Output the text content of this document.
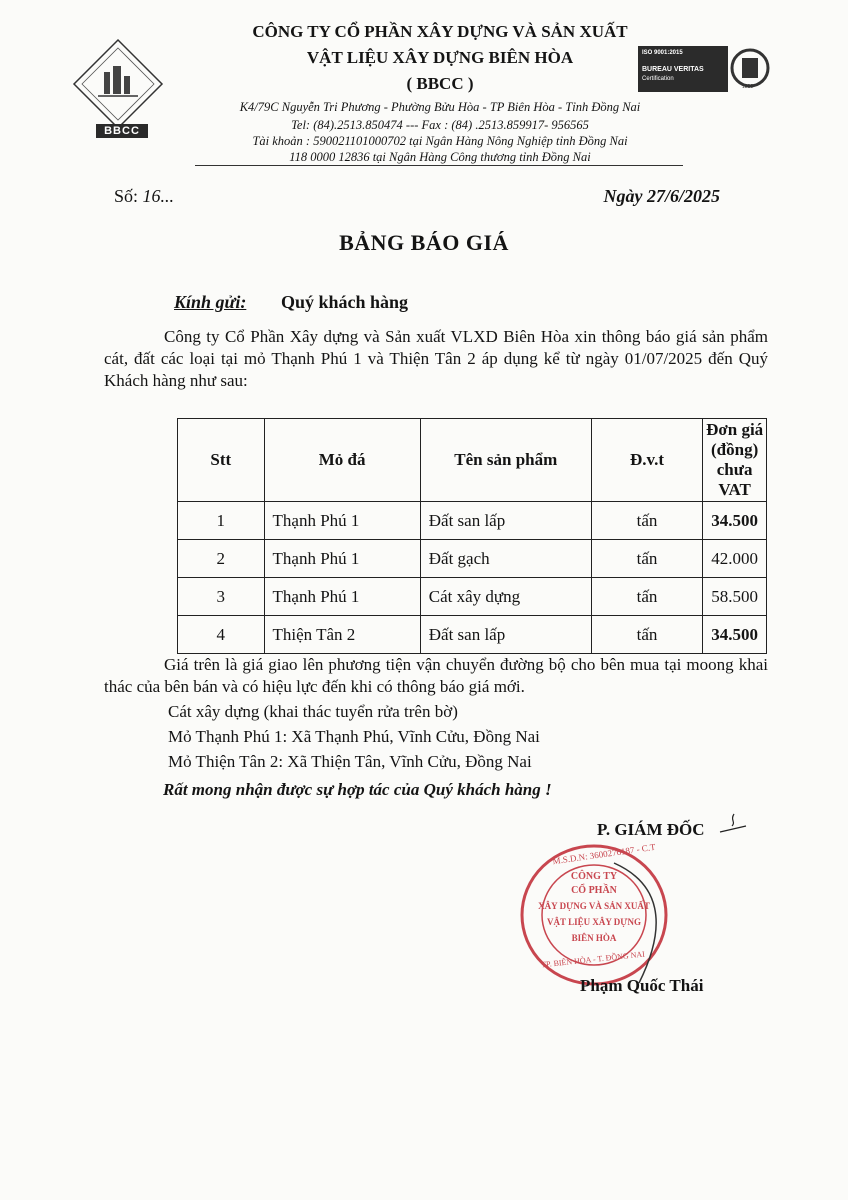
BBCC
CÔNG TY CỔ PHẦN XÂY DỰNG VÀ SẢN XUẤT
VẬT LIỆU XÂY DỰNG BIÊN HÒA
( BBCC )
K4/79C Nguyễn Tri Phương - Phường Bửu Hòa - TP Biên Hòa - Tỉnh Đồng Nai
Tel: (84).2513.850474 --- Fax : (84) .2513.859917- 956565
Tài khoản : 590021101000702 tại Ngân Hàng Nông Nghiệp tỉnh Đồng Nai
118 0000 12836 tại Ngân Hàng Công thương tỉnh Đồng Nai
ISO 9001:2015
BUREAU VERITAS
Certification
1828
Số: 16...	Ngày 27/6/2025
BẢNG BÁO GIÁ
Kính gửi: Quý khách hàng
Công ty Cổ Phần Xây dựng và Sản xuất VLXD Biên Hòa xin thông báo giá sản phẩm cát, đất các loại tại mỏ Thạnh Phú 1 và Thiện Tân 2 áp dụng kể từ ngày 01/07/2025 đến Quý Khách hàng như sau:
Stt	Mỏ đá	Tên sản phẩm	Đ.v.t	Đơn giá (đồng)
chưa VAT

1	Thạnh Phú 1	Đất san lấp	tấn	34.500
2	Thạnh Phú 1	Đất gạch	tấn	42.000
3	Thạnh Phú 1	Cát xây dựng	tấn	58.500
4	Thiện Tân 2	Đất san lấp	tấn	34.500
Giá trên là giá giao lên phương tiện vận chuyển đường bộ cho bên mua tại moong khai thác của bên bán và có hiệu lực đến khi có thông báo giá mới.
Cát xây dựng (khai thác tuyển rửa trên bờ)
Mỏ Thạnh Phú 1: Xã Thạnh Phú, Vĩnh Cửu, Đồng Nai
Mỏ Thiện Tân 2: Xã Thiện Tân, Vĩnh Cửu, Đồng Nai
Rất mong nhận được sự hợp tác của Quý khách hàng !
P. GIÁM ĐỐC
M.S.D.N: 3600276187 - C.T
CÔNG TY
CỔ PHẦN
XÂY DỰNG VÀ SẢN XUẤT
VẬT LIỆU XÂY DỰNG
BIÊN HÒA
TP. BIÊN HÒA - T. ĐỒNG NAI
Phạm Quốc Thái
